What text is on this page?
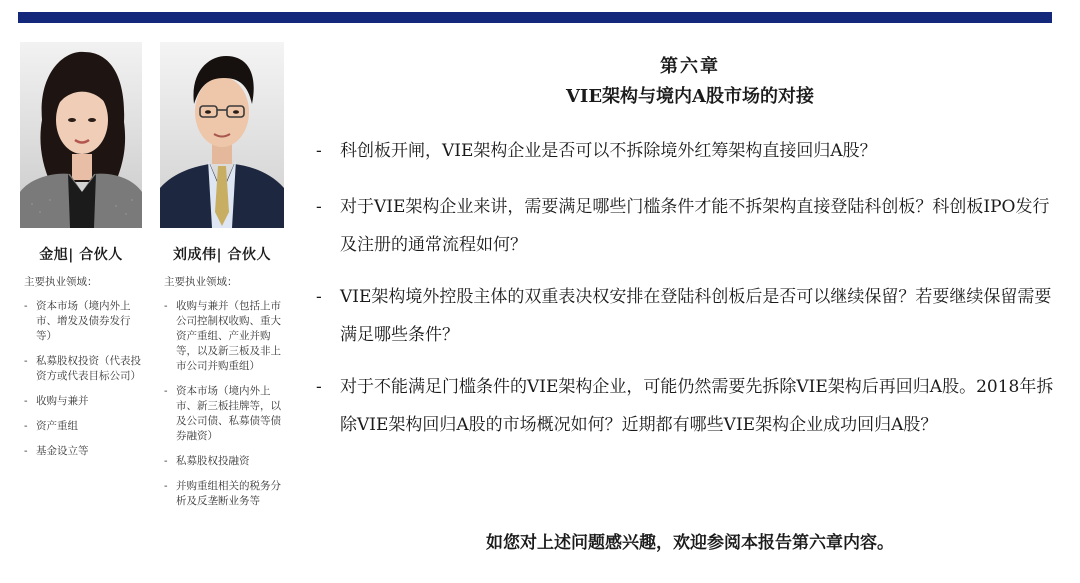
金旭| 合伙人
主要执业领域：
- 资本市场（境内外上市、增发及债券发行等）
- 私募股权投资（代表投资方或代表目标公司）
- 收购与兼并
- 资产重组
- 基金设立等
刘成伟| 合伙人
主要执业领域：
- 收购与兼并（包括上市公司控制权收购、重大资产重组、产业并购等，以及新三板及非上市公司并购重组）
- 资本市场（境内外上市、新三板挂牌等，以及公司债、私募债等债券融资）
- 私募股权投融资
- 并购重组相关的税务分析及反垄断业务等
第六章
VIE架构与境内A股市场的对接
- 科创板开闸，VIE架构企业是否可以不拆除境外红筹架构直接回归A股？
- 对于VIE架构企业来讲，需要满足哪些门槛条件才能不拆架构直接登陆科创板？科创板IPO发行及注册的通常流程如何？
- VIE架构境外控股主体的双重表决权安排在登陆科创板后是否可以继续保留？若要继续保留需要满足哪些条件？
- 对于不能满足门槛条件的VIE架构企业，可能仍然需要先拆除VIE架构后再回归A股。2018年拆除VIE架构回归A股的市场概况如何？近期都有哪些VIE架构企业成功回归A股？
如您对上述问题感兴趣，欢迎参阅本报告第六章内容。
